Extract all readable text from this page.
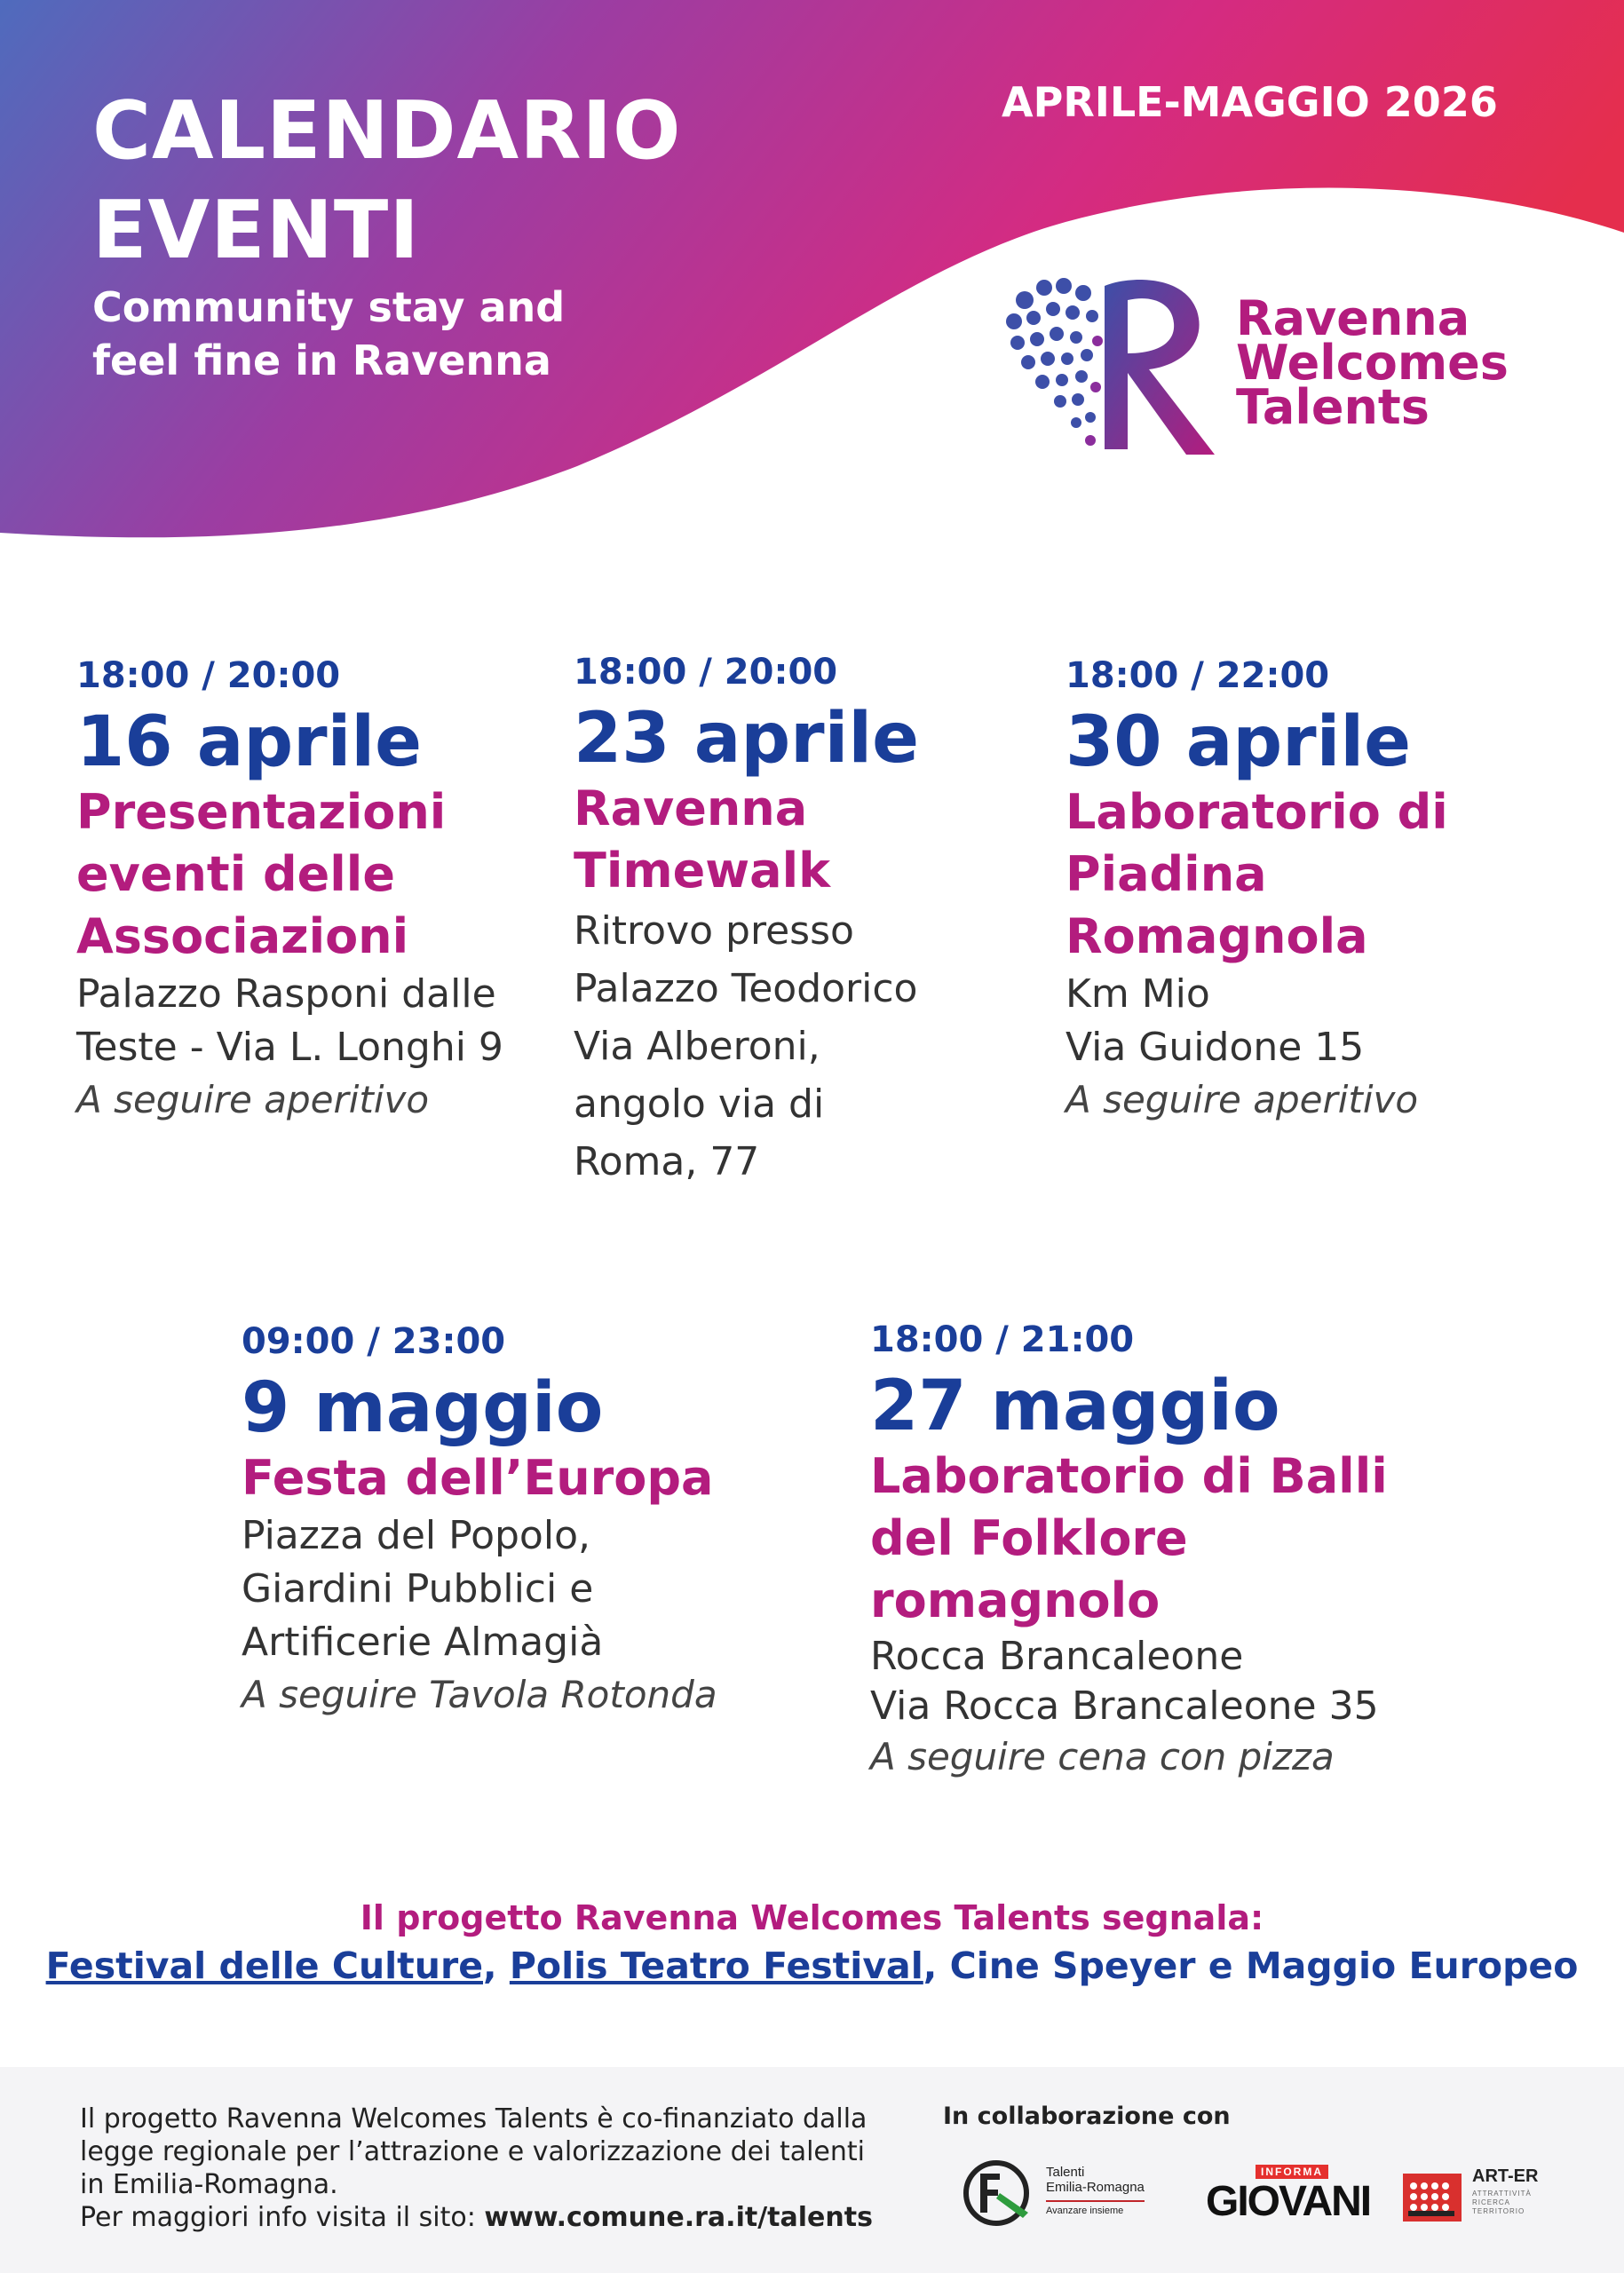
CALENDARIO
EVENTI
Community stay and
feel fine in Ravenna
APRILE-MAGGIO 2026
Ravenna
Welcomes
Talents
18:00 / 20:00
16 aprile
Presentazioni
eventi delle
Associazioni
Palazzo Rasponi dalle
Teste - Via L. Longhi 9
A seguire aperitivo
18:00 / 20:00
23 aprile
Ravenna
Timewalk
Ritrovo presso
Palazzo Teodorico
Via Alberoni,
angolo via di
Roma, 77
18:00 / 22:00
30 aprile
Laboratorio di
Piadina
Romagnola
Km Mio
Via Guidone 15
A seguire aperitivo
09:00 / 23:00
9 maggio
Festa dell’Europa
Piazza del Popolo,
Giardini Pubblici e
Artificerie Almagià
A seguire Tavola Rotonda
18:00 / 21:00
27 maggio
Laboratorio di Balli
del Folklore
romagnolo
Rocca Brancaleone
Via Rocca Brancaleone 35
A seguire cena con pizza
Il progetto Ravenna Welcomes Talents segnala:
Festival delle Culture, Polis Teatro Festival, Cine Speyer e Maggio Europeo
Il progetto Ravenna Welcomes Talents è co-finanziato dalla
legge regionale per l’attrazione e valorizzazione dei talenti
in Emilia-Romagna.
Per maggiori info visita il sito: www.comune.ra.it/talents
In collaborazione con
Talenti
Emilia-Romagna
Avanzare insieme
INFORMA
GIOVANI
ART-ER
ATTRATTIVITÀ
RICERCA
TERRITORIO
